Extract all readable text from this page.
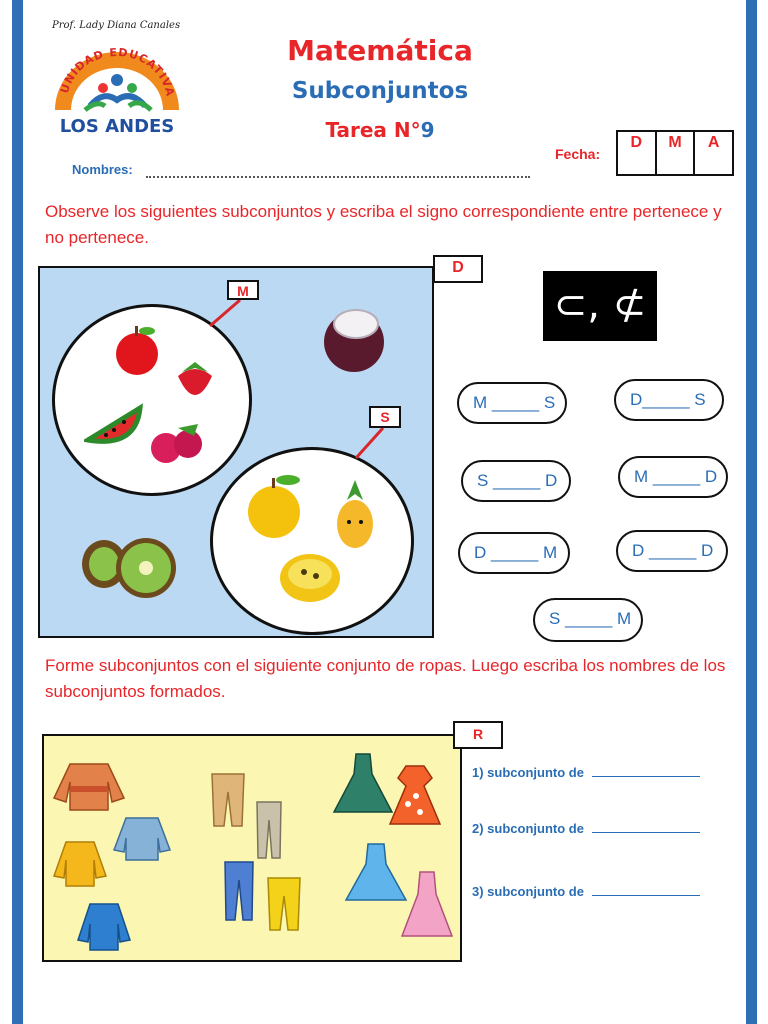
Prof. Lady Diana Canales
UNIDAD EDUCATIVA
LOS ANDES
Matemática
Subconjuntos
Tarea N°9
Fecha:
D	M	A
Nombres:
Observe los siguientes subconjuntos y escriba el signo correspondiente entre pertenece y no pertenece.
D
M
S
⊂, ⊄
M _____ S	D_____ S
S _____ D	M _____ D
D _____ M	D _____ D
S _____ M
Forme subconjuntos con el siguiente conjunto de ropas. Luego escriba los nombres de los subconjuntos formados.
R
1) subconjunto de
2) subconjunto de
3) subconjunto de
